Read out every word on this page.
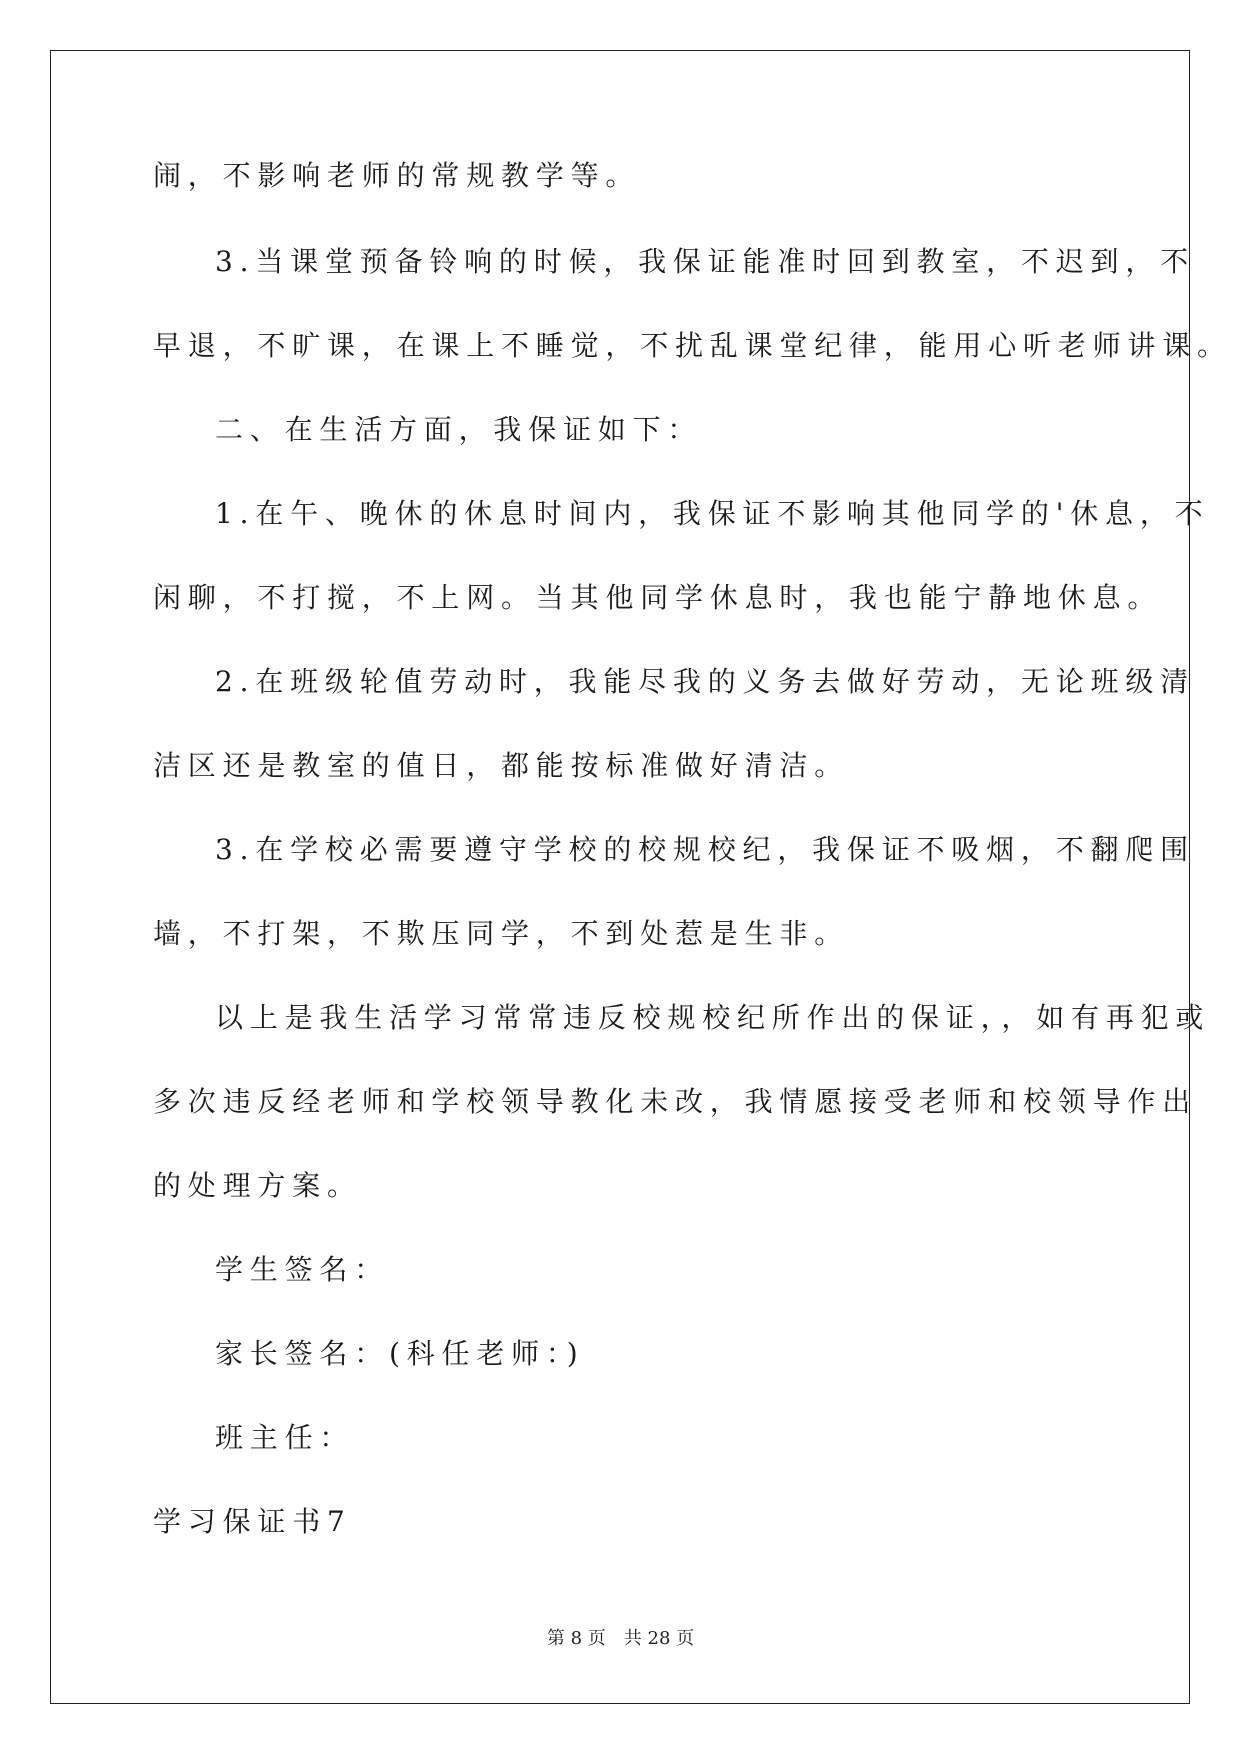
闹，不影响老师的常规教学等。
3.当课堂预备铃响的时候，我保证能准时回到教室，不迟到，不
早退，不旷课，在课上不睡觉，不扰乱课堂纪律，能用心听老师讲课。
二、在生活方面，我保证如下：
1.在午、晚休的休息时间内，我保证不影响其他同学的'休息，不
闲聊，不打搅，不上网。当其他同学休息时，我也能宁静地休息。
2.在班级轮值劳动时，我能尽我的义务去做好劳动，无论班级清
洁区还是教室的值日，都能按标准做好清洁。
3.在学校必需要遵守学校的校规校纪，我保证不吸烟，不翻爬围
墙，不打架，不欺压同学，不到处惹是生非。
以上是我生活学习常常违反校规校纪所作出的保证，，如有再犯或
多次违反经老师和学校领导教化未改，我情愿接受老师和校领导作出
的处理方案。
学生签名：
家长签名：(科任老师：)
班主任：
学习保证书7
第 8 页　共 28 页
